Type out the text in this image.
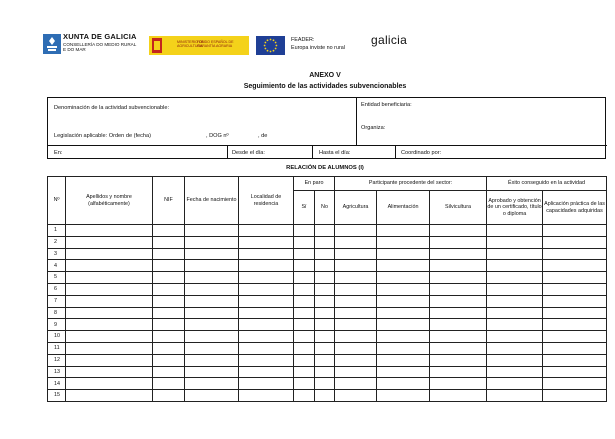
XUNTA DE GALICIA
CONSELLERÍA DO MEDIO RURAL
E DO MAR
MINISTERIO DE AGRICULTURA
FONDO ESPAÑOL DE GARANTÍA AGRARIA
FEADER:
Europa inviste no rural
galicia
ANEXO V
Seguimiento de las actividades subvencionables
Denominación de la actividad subvencionable:	Entidad beneficiaria:
Organiza:
Legislación aplicable: Orden de (fecha)	, DOG nº	, de
En:	Desde el día:	Hasta el día:	Coordinado por:
RELACIÓN DE ALUMNOS (I)
Nº	Apellidos y nombre (alfabéticamente)	NIF	Fecha de nacimiento	Localidad de residencia	En paro		Participante procedente del sector:			Éxito conseguido en la actividad	
					Sí	No	Agricultura	Alimentación	Silvicultura	Aprobado y obtención de un certificado, título o diploma	Aplicación práctica de las capacidades adquiridas
1											
2											
3											
4											
5											
6											
7											
8											
9											
10											
11											
12											
13											
14											
15											
